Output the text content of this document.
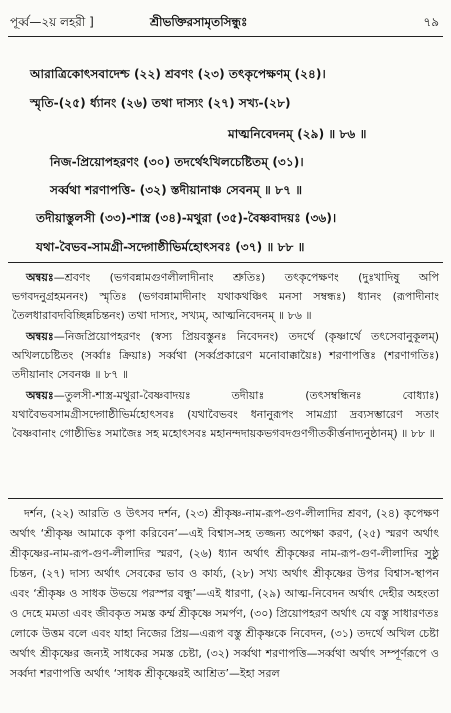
পূর্ব্ব—২য় লহরী ]	শ্রীভক্তিরসামৃতসিন্ধুঃ	৭৯
আরাত্রিকোৎসবাদেশ্চ (২২) শ্রবণং (২৩) তৎকৃপেক্ষণম্ (২৪)।
স্মৃতি-(২৫) র্ধ্যানং (২৬) তথা দাস্যং (২৭) সখ্য-(২৮)
মাত্মনিবেদনম্ (২৯) ॥ ৮৬ ॥
নিজ-প্রিয়োপহরণং (৩০) তদর্থেঽখিলচেষ্টিতম্ (৩১)।
সর্ব্বথা শরণাপত্তি- (৩২) স্তদীয়ানাঞ্চ সেবনম্ ॥ ৮৭ ॥
তদীয়াস্তুলসী (৩৩)-শাস্ত্র (৩৪)-মথুরা (৩৫)-বৈষ্ণবাদয়ঃ (৩৬)।
যথা-বৈভব-সামগ্রী-সদ্গোষ্ঠীভির্মহোৎসবঃ (৩৭) ॥ ৮৮ ॥

অন্বয়ঃ—শ্রবণং (ভগবন্নামগুণলীলাদীনাং শ্রুতিঃ) তৎকৃপেক্ষণং (দুঃখাদিষু অপি ভগবদনুগ্রহমননং) স্মৃতিঃ (ভগবন্নামাদীনাং যথাকথঞ্চিৎ মনসা সম্বন্ধঃ) ধ্যানং (রূপাদীনাং তৈলধারাবদবিচ্ছিন্নচিন্তনং) তথা দাস্যং, সখ্যম্, আত্মনিবেদনম্ ॥ ৮৬ ॥

অন্বয়ঃ—নিজপ্রিয়োপহরণং (স্বস্য প্রিয়বস্তুনঃ নিবেদনং) তদর্থে (কৃষ্ণার্থে তৎসেবানুকূলম্) অখিলচেষ্টিতং (সর্ব্বাঃ ক্রিয়াঃ) সর্ব্বথা (সর্ব্বপ্রকারেণ মনোবাক্কায়ৈঃ) শরণাপত্তিঃ (শরণাগতিঃ) তদীয়ানাং সেবনঞ্চ ॥ ৮৭ ॥

অন্বয়ঃ—তুলসী-শাস্ত্র-মথুরা-বৈষ্ণবাদয়ঃ তদীয়াঃ (তৎসম্বন্ধিনঃ বোধ্যাঃ) যথাবৈভবসামগ্রীসদ্গোষ্ঠীভির্মহোৎসবঃ (যথাবৈভবং ধনানুরূপং সামগ্র্যা দ্রব্যসম্ভারেণ সতাং বৈষ্ণবানাং গোষ্ঠীভিঃ সমাজৈঃ সহ মহোৎসবঃ মহানন্দদায়কভগবদগুণগীতকীর্ত্তনাদ্যনুষ্ঠানম্) ॥ ৮৮ ॥

দর্শন, (২২) আরতি ও উৎসব দর্শন, (২৩) শ্রীকৃষ্ণ-নাম-রূপ-গুণ-লীলাদির শ্রবণ, (২৪) কৃপেক্ষণ অর্থাৎ ‘শ্রীকৃষ্ণ আমাকে কৃপা করিবেন’—এই বিশ্বাস-সহ তজ্জন্য অপেক্ষা করণ, (২৫) স্মরণ অর্থাৎ শ্রীকৃষ্ণের-নাম-রূপ-গুণ-লীলাদির স্মরণ, (২৬) ধ্যান অর্থাৎ শ্রীকৃষ্ণের নাম-রূপ-গুণ-লীলাদির সুষ্ঠু চিন্তন, (২৭) দাস্য অর্থাৎ সেবকের ভাব ও কার্য্য, (২৮) সখ্য অর্থাৎ শ্রীকৃষ্ণের উপর বিশ্বাস-স্থাপন এবং ‘শ্রীকৃষ্ণ ও সাধক উভয়ে পরস্পর বন্ধু’—এই ধারণা, (২৯) আত্ম-নিবেদন অর্থাৎ দেহীর অহংতা ও দেহে মমতা এবং জীবকৃত সমস্ত কর্ম্ম শ্রীকৃষ্ণে সমর্পণ, (৩০) প্রিয়োপহরণ অর্থাৎ যে বস্তু সাধারণতঃ লোকে উত্তম বলে এবং যাহা নিজের প্রিয়—এরূপ বস্তু শ্রীকৃষ্ণকে নিবেদন, (৩১) তদর্থে অখিল চেষ্টা অর্থাৎ শ্রীকৃষ্ণের জন্যই সাধকের সমস্ত চেষ্টা, (৩২) সর্ব্বথা শরণাপত্তি—সর্ব্বথা অর্থাৎ সম্পূর্ণরূপে ও সর্ব্বদা শরণাপত্তি অর্থাৎ ‘সাধক শ্রীকৃষ্ণেরই আশ্রিত’—ইহা সরল
